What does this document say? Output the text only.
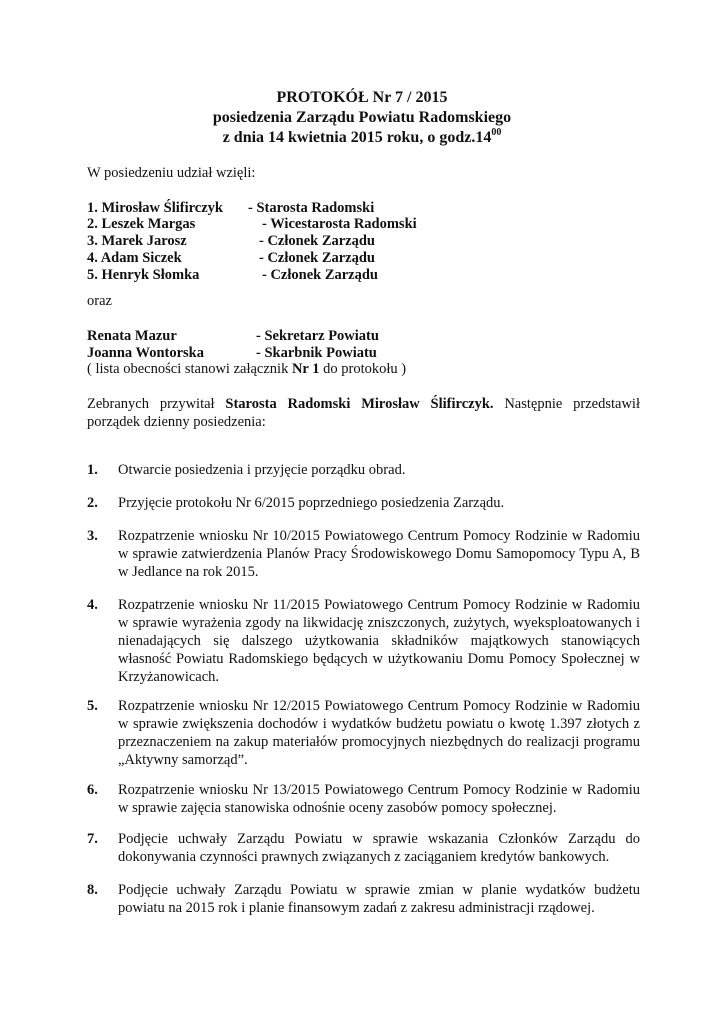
PROTOKÓŁ Nr 7 / 2015
posiedzenia Zarządu Powiatu Radomskiego
z dnia 14 kwietnia 2015 roku, o $godz.14^{00}$
W posiedzeniu udział wzięli:
1. Mirosław Ślifirczyk - Starosta Radomski
2. Leszek Margas	- Wicestarosta Radomski
3. Marek Jarosz	- Członek Zarządu
4. Adam Siczek	- Członek Zarządu
5. Henryk Słomka	- Członek Zarządu
oraz
Renata Mazur	- Sekretarz Powiatu
Joanna Wontorska	- Skarbnik Powiatu
( lista obecności stanowi załącznik Nr 1 do protokołu )
Zebranych przywitał Starosta Radomski Mirosław Ślifirczyk. Następnie przedstawił porządek dzienny posiedzenia:
1. Otwarcie posiedzenia i przyjęcie porządku obrad.
2. Przyjęcie protokołu Nr 6/2015 poprzedniego posiedzenia Zarządu.
3. Rozpatrzenie wniosku Nr 10/2015 Powiatowego Centrum Pomocy Rodzinie w Radomiu w sprawie zatwierdzenia Planów Pracy Środowiskowego Domu Samopomocy Typu A, B w Jedlance na rok 2015.
4. Rozpatrzenie wniosku Nr 11/2015 Powiatowego Centrum Pomocy Rodzinie w Radomiu w sprawie wyrażenia zgody na likwidację zniszczonych, zużytych, wyeksploatowanych i nienadających się dalszego użytkowania składników majątkowych stanowiących własność Powiatu Radomskiego będących w użytkowaniu Domu Pomocy Społecznej w Krzyżanowicach.
5. Rozpatrzenie wniosku Nr 12/2015 Powiatowego Centrum Pomocy Rodzinie w Radomiu w sprawie zwiększenia dochodów i wydatków budżetu powiatu o kwotę 1.397 złotych z przeznaczeniem na zakup materiałów promocyjnych niezbędnych do realizacji programu „Aktywny samorząd”.
6. Rozpatrzenie wniosku Nr 13/2015 Powiatowego Centrum Pomocy Rodzinie w Radomiu w sprawie zajęcia stanowiska odnośnie oceny zasobów pomocy społecznej.
7. Podjęcie uchwały Zarządu Powiatu w sprawie wskazania Członków Zarządu do dokonywania czynności prawnych związanych z zaciąganiem kredytów bankowych.
8. Podjęcie uchwały Zarządu Powiatu w sprawie zmian w planie wydatków budżetu powiatu na 2015 rok i planie finansowym zadań z zakresu administracji rządowej.
